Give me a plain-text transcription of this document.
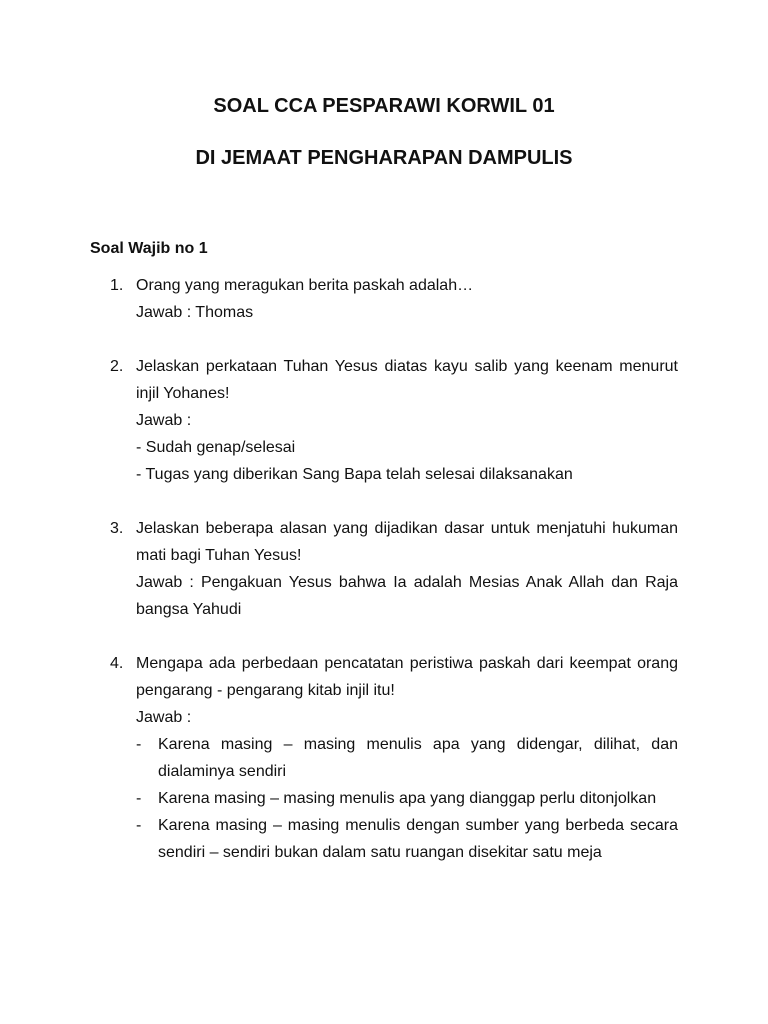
SOAL CCA PESPARAWI KORWIL 01
DI JEMAAT PENGHARAPAN DAMPULIS
Soal Wajib no 1
1. Orang yang meragukan berita paskah adalah…
Jawab : Thomas
2. Jelaskan perkataan Tuhan Yesus diatas kayu salib yang keenam menurut injil Yohanes!
Jawab :
- Sudah genap/selesai
- Tugas yang diberikan Sang Bapa telah selesai dilaksanakan
3. Jelaskan beberapa alasan yang dijadikan dasar untuk menjatuhi hukuman mati bagi Tuhan Yesus!
Jawab : Pengakuan Yesus bahwa Ia adalah Mesias Anak Allah dan Raja bangsa Yahudi
4. Mengapa ada perbedaan pencatatan peristiwa paskah dari keempat orang pengarang - pengarang kitab injil itu!
Jawab :
- Karena masing – masing menulis apa yang didengar, dilihat, dan dialaminya sendiri
- Karena masing – masing menulis apa yang dianggap perlu ditonjolkan
- Karena masing – masing menulis dengan sumber yang berbeda secara sendiri – sendiri bukan dalam satu ruangan disekitar satu meja
